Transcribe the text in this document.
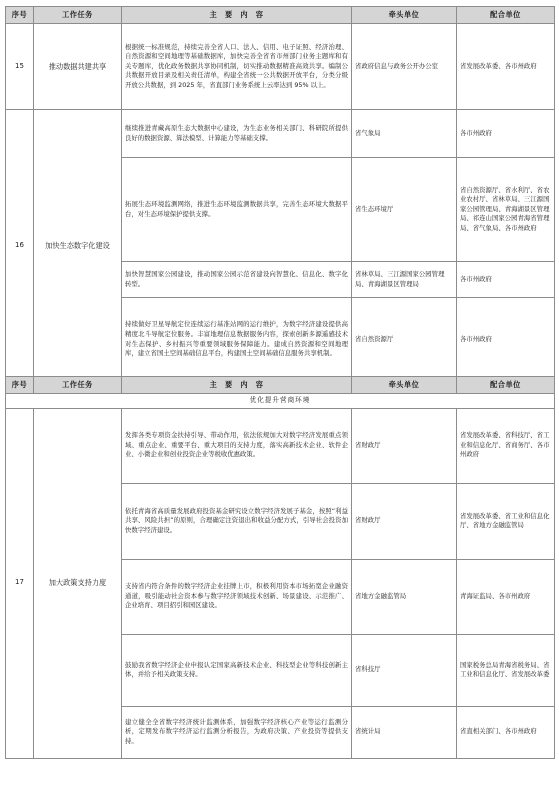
序号	工作任务	主　要　内　容	牵头单位	配合单位
15	推动数据共建共享	根据统一标准规范，持续完善全省人口、法人、信用、电子证照、经济治理、自然资源和空间地理等基础数据库，加快完善全省省市州部门业务主题库和有关专题库，优化政务数据共享协同机制，切实推动数据精准高效共享。编制公共数据开放目录及相关责任清单，构建全省统一公共数据开放平台，分类分级开放公共数据，到 2025 年，省直部门业务系统上云率达到 95% 以上。	省政府信息与政务公开办公室	省发展改革委、各市州政府
16	加快生态数字化建设	继续推进青藏高原生态大数据中心建设，为生态业务相关部门、科研院所提供良好的数据资源、算法模型、计算能力等基础支撑。	省气象局	各市州政府
		拓展生态环境监测网络，推进生态环境监测数据共享，完善生态环境大数据平台，对生态环境保护提供支撑。	省生态环境厅	省自然资源厅、省水利厅、省农业农村厅、省林草局、三江源国家公园管理局、青海湖景区管理局、祁连山国家公园青海省管理局、省气象局、各市州政府
		加快智慧国家公园建设，推动国家公园示范省建设向智慧化、信息化、数字化转型。	省林草局、三江源国家公园管理局、青海湖景区管理局	各市州政府
		持续做好卫星导航定位连续运行基准站网的运行维护，为数字经济建设提供高精度北斗导航定位服务。丰富地理信息数据服务内容，探索创新多源遥感技术对生态保护、乡村振兴等重要领域服务保障能力。建成自然资源和空间地理库，建立省国土空间基础信息平台，构建国土空间基础信息服务共享机制。	省自然资源厅	各市州政府
序号	工作任务	主　要　内　容	牵头单位	配合单位
优化提升营商环境				
17	加大政策支持力度	发挥各类专项资金扶持引导、带动作用，依法依规加大对数字经济发展重点领域、重点企业、重要平台、重大项目的支持力度，落实高新技术企业、软件企业、小微企业和创业投资企业等税收优惠政策。	省财政厅	省发展改革委、省科技厅、省工业和信息化厅、省商务厅、各市州政府
		依托青海省高质量发展政府投资基金研究设立数字经济发展子基金，按照“利益共享、风险共担”的原则，合理确定注资退出和收益分配方式，引导社会投资加快数字经济建设。	省财政厅	省发展改革委、省工业和信息化厅、省地方金融监管局
		支持省内符合条件的数字经济企业挂牌上市，积极利用资本市场拓宽企业融资通道，吸引能动社会资本参与数字经济领域技术创新、场景建设、示范推广、企业培育、项目招引和园区建设。	省地方金融监管局	青海证监局、各市州政府
		鼓励我省数字经济企业申报认定国家高新技术企业、科技型企业等科技创新主体，并给予相关政策支持。	省科技厅	国家税务总局青海省税务局、省工业和信息化厅、省发展改革委
		建立健全全省数字经济统计监测体系，加强数字经济核心产业等运行监测分析，定期发布数字经济运行监测分析报告，为政府决策、产业投资等提供支持。	省统计局	省直相关部门、各市州政府
